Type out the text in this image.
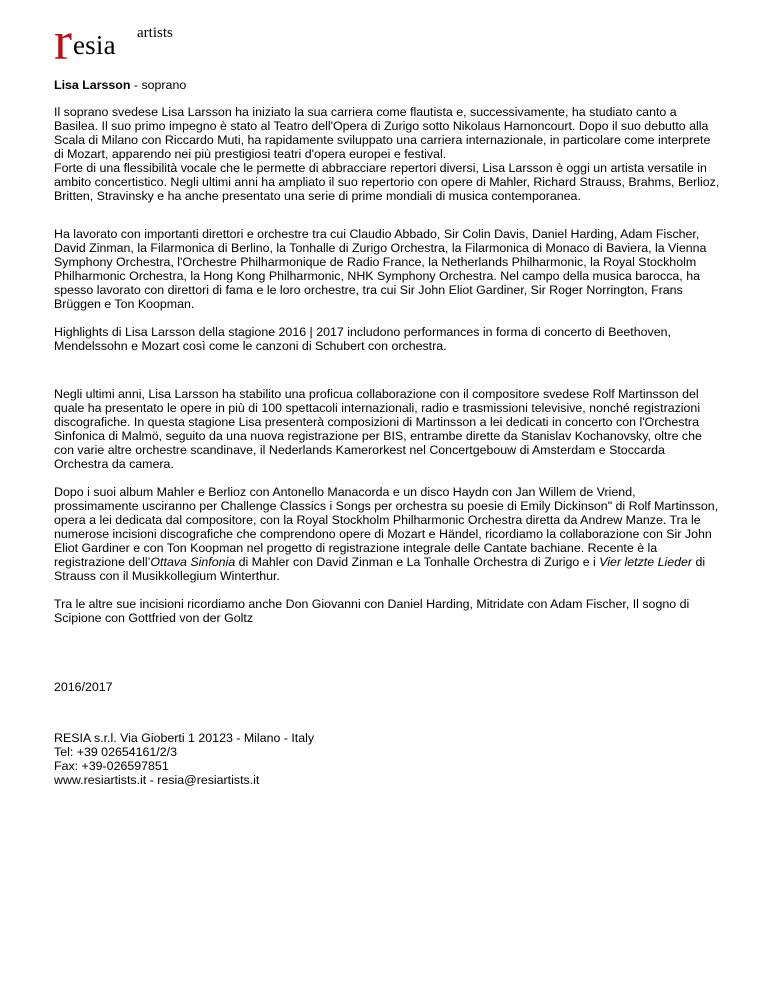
r esia artists

Lisa Larsson - soprano

Il soprano svedese Lisa Larsson ha iniziato la sua carriera come flautista e, successivamente, ha studiato canto a Basilea. Il suo primo impegno è stato al Teatro dell'Opera di Zurigo sotto Nikolaus Harnoncourt. Dopo il suo debutto alla Scala di Milano con Riccardo Muti, ha rapidamente sviluppato una carriera internazionale, in particolare come interprete di Mozart, apparendo nei più prestigiosi teatri d'opera europei e festival.

Forte di una flessibilità vocale che le permette di abbracciare repertori diversi, Lisa Larsson è oggi un artista versatile in ambito concertistico. Negli ultimi anni ha ampliato il suo repertorio con opere di Mahler, Richard Strauss, Brahms, Berlioz, Britten, Stravinsky e ha anche presentato una serie di prime mondiali di musica contemporanea.

Ha lavorato con importanti direttori e orchestre tra cui Claudio Abbado, Sir Colin Davis, Daniel Harding, Adam Fischer, David Zinman, la Filarmonica di Berlino, la Tonhalle di Zurigo Orchestra, la Filarmonica di Monaco di Baviera, la Vienna Symphony Orchestra, l'Orchestre Philharmonique de Radio France, la Netherlands Philharmonic, la Royal Stockholm Philharmonic Orchestra, la Hong Kong Philharmonic, NHK Symphony Orchestra. Nel campo della musica barocca, ha spesso lavorato con direttori di fama e le loro orchestre, tra cui Sir John Eliot Gardiner, Sir Roger Norrington, Frans Brüggen e Ton Koopman.

Highlights di Lisa Larsson della stagione 2016 | 2017 includono performances in forma di concerto di Beethoven, Mendelssohn e Mozart così come le canzoni di Schubert con orchestra.

Negli ultimi anni, Lisa Larsson ha stabilito una proficua collaborazione con il compositore svedese Rolf Martinsson del quale ha presentato le opere in più di 100 spettacoli internazionali, radio e trasmissioni televisive, nonché registrazioni discografiche. In questa stagione Lisa presenterà composizioni di Martinsson a lei dedicati in concerto con l'Orchestra Sinfonica di Malmö, seguito da una nuova registrazione per BIS, entrambe dirette da Stanislav Kochanovsky, oltre che con varie altre orchestre scandinave, il Nederlands Kamerorkest nel Concertgebouw di Amsterdam e Stoccarda Orchestra da camera.

Dopo i suoi album Mahler e Berlioz con Antonello Manacorda e un disco Haydn con Jan Willem de Vriend, prossimamente usciranno per Challenge Classics i Songs per orchestra su poesie di Emily Dickinson" di Rolf Martinsson, opera a lei dedicata dal compositore, con la Royal Stockholm Philharmonic Orchestra diretta da Andrew Manze. Tra le numerose incisioni discografiche che comprendono opere di Mozart e Händel, ricordiamo la collaborazione con Sir John Eliot Gardiner e con Ton Koopman nel progetto di registrazione integrale delle Cantate bachiane. Recente è la registrazione dell’Ottava Sinfonia di Mahler con David Zinman e La Tonhalle Orchestra di Zurigo e i Vier letzte Lieder di Strauss con il Musikkollegium Winterthur.

Tra le altre sue incisioni ricordiamo anche Don Giovanni con Daniel Harding, Mitridate con Adam Fischer, Il sogno di Scipione con Gottfried von der Goltz

2016/2017

RESIA s.r.l. Via Gioberti 1 20123 - Milano - Italy

Tel: +39 02654161/2/3

Fax: +39-026597851

www.resiartists.it - resia@resiartists.it
